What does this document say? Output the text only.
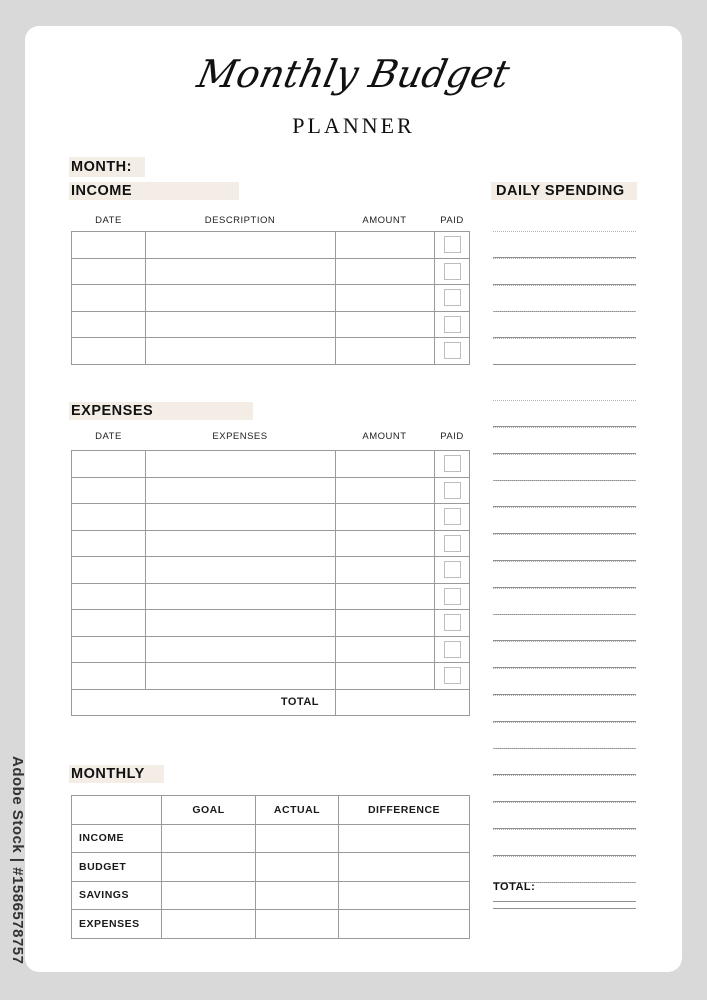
Monthly Budget
PLANNER
MONTH:
INCOME
DATE	DESCRIPTION	AMOUNT	PAID

EXPENSES
DATE	EXPENSES	AMOUNT	PAID

TOTAL			
MONTHLY
	GOAL	ACTUAL	DIFFERENCE
INCOME			
BUDGET			
SAVINGS			
EXPENSES			
DAILY SPENDING
TOTAL:
Adobe Stock | #1586578757
